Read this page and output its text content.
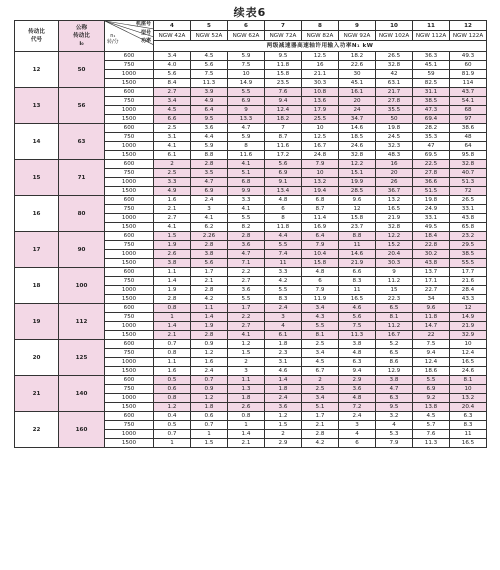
续表6
传动比
代号	公称
传动比
i₀	机座号
型号
功率
n₁
转/分	4	5	6	7	8	9	10	11	12
			NGW 42A	NGW 52A	NGW 62A	NGW 72A	NGW 82A	NGW 92A	NGW 102A	NGW 112A	NGW 122A
			两级减速器高速轴许用输入功率N₁ kW								
12	50	600	3.4	4.5	5.9	9.5	12.5	18.2	26.5	36.3	49.3
		750	4.0	5.6	7.5	11.8	16	22.6	32.8	45.1	60
		1000	5.6	7.5	10	15.8	21.1	30	42	59	81.9
		1500	8.4	11.3	14.9	23.5	30.3	45.1	63.1	82.5	114
13	56	600	2.7	3.9	5.5	7.6	10.8	16.1	21.7	31.1	43.7
		750	3.4	4.9	6.9	9.4	13.6	20	27.8	38.5	54.1
		1000	4.5	6.4	9	12.4	17.9	24	35.5	47.3	68
		1500	6.6	9.5	13.3	18.2	25.5	34.7	50	69.4	97
14	63	600	2.5	3.6	4.7	7	10	14.6	19.8	28.2	38.6
		750	3.1	4.4	5.9	8.7	12.5	18.5	24.5	35.3	48
		1000	4.1	5.9	8	11.6	16.7	24.6	32.3	47	64
		1500	6.1	8.8	11.6	17.2	24.8	32.8	48.3	69.5	95.8
15	71	600	2	2.8	4.1	5.6	7.9	12.2	16	22.5	32.8
		750	2.5	3.5	5.1	6.9	10	15.1	20	27.8	40.7
		1000	3.3	4.7	6.8	9.1	13.2	19.9	26	36.6	51.3
		1500	4.9	6.9	9.9	13.4	19.4	28.5	36.7	51.5	72
16	80	600	1.6	2.4	3.3	4.8	6.8	9.6	13.2	19.8	26.5
		750	2.1	3	4.1	6	8.7	12	16.5	24.9	33.1
		1000	2.7	4.1	5.5	8	11.4	15.8	21.9	33.1	43.8
		1500	4.1	6.2	8.2	11.8	16.9	23.7	32.8	49.5	65.8
17	90	600	1.5	2.26	2.8	4.4	6.4	8.8	12.2	18.4	23.2
		750	1.9	2.8	3.6	5.5	7.9	11	15.2	22.8	29.5
		1000	2.6	3.8	4.7	7.4	10.4	14.6	20.4	30.2	38.5
		1500	3.8	5.6	7.1	11	15.8	21.9	30.3	43.8	55.5
18	100	600	1.1	1.7	2.2	3.3	4.8	6.6	9	13.7	17.7
		750	1.4	2.1	2.7	4.2	6	8.3	11.2	17.1	21.6
		1000	1.9	2.8	3.6	5.5	7.9	11	15	22.7	28.4
		1500	2.8	4.2	5.5	8.3	11.9	16.5	22.3	34	43.3
19	112	600	0.8	1.1	1.7	2.4	3.4	4.6	6.5	9.6	12
		750	1	1.4	2.2	3	4.3	5.6	8.1	11.8	14.9
		1000	1.4	1.9	2.7	4	5.5	7.5	11.2	14.7	21.9
		1500	2.1	2.8	4.1	6.1	8.1	11.3	16.7	22	32.9
20	125	600	0.7	0.9	1.2	1.8	2.5	3.8	5.2	7.5	10
		750	0.8	1.2	1.5	2.3	3.4	4.8	6.5	9.4	12.4
		1000	1.1	1.6	2	3.1	4.5	6.3	8.6	12.4	16.5
		1500	1.6	2.4	3	4.6	6.7	9.4	12.9	18.6	24.6
21	140	600	0.5	0.7	1.1	1.4	2	2.9	3.8	5.5	8.1
		750	0.6	0.9	1.3	1.8	2.5	3.6	4.7	6.9	10
		1000	0.8	1.2	1.8	2.4	3.4	4.8	6.3	9.2	13.2
		1500	1.2	1.8	2.6	3.6	5.1	7.2	9.5	13.8	20.4
22	160	600	0.4	0.6	0.8	1.2	1.7	2.4	3.2	4.5	6.3
		750	0.5	0.7	1	1.5	2.1	3	4	5.7	8.3
		1000	0.7	1	1.4	2	2.8	4	5.3	7.6	11
		1500	1	1.5	2.1	2.9	4.2	6	7.9	11.3	16.5
